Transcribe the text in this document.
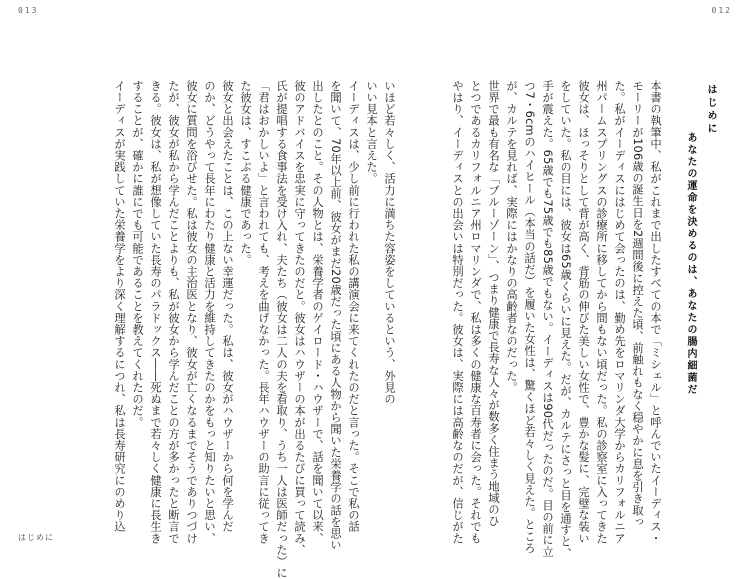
013	012
はじめに
あなたの運命を決めるのは、あなたの腸内細菌だ
本書の執筆中、私がこれまで出したすべての本で「ミシェル」と呼んでいたイーディス・
モーリーが106歳の誕生日を2週間後に控えた頃、前触れもなく穏やかに息を引き取っ
た。私がイーディスにはじめて会ったのは、勤め先をロマリンダ大学からカリフォルニア
州パームスプリングスの診療所に移してから間もない頃だった。私の診察室に入ってきた
彼女は、ほっそりとして背が高く、背筋の伸びた美しい女性で、豊かな髪に、完璧な装い
をしていた。私の目には、彼女は65歳くらいに見えた。だが、カルテにさっと目を通すと、
手が震えた。65歳でも75歳でも85歳でもない。イーディスは90代だったのだ。目の前に立
つ7・6cmのハイヒール（本当の話だ）を履いた女性は、驚くほど若々しく見えた。ところ
が、カルテを見れば、実際にはかなりの高齢者なのだった。
世界で最も有名な「ブルーゾーン」、つまり健康で長寿な人々が数多く住まう地域のひ
とつであるカリフォルニア州ロマリンダで、私は多くの健康な百寿者に会った。それでも
やはり、イーディスとの出会いは特別だった。彼女は、実際には高齢なのだが、信じがた
いほど若々しく、活力に満ちた容姿をしているという、外見の
いい見本と言えた。
イーディスは、少し前に行われた私の講演会に来てくれたのだと言った。そこで私の話
を聞いて、70年以上前、彼女がまだ20歳だった頃にある人物から聞いた栄養学の話を思い
出したとのこと。その人物とは、栄養学者のゲイロード・ハウザーで、話を聞いて以来、
彼のアドバイスを忠実に守ってきたのだと。彼女はハウザーの本が出るたびに買って読み、
氏が提唱する食事法を受け入れ、夫たち（彼女は二人の夫を看取り、うち一人は医師だった）に
「君はおかしいよ」と言われても、考えを曲げなかった。長年ハウザーの助言に従ってき
た彼女は、すこぶる健康であった。
彼女と出会えたことは、この上ない幸運だった。私は、彼女がハウザーから何を学んだ
のか、どうやって長年にわたり健康と活力を維持してきたのかをもっと知りたいと思い、
彼女に質問を浴びせた。私は彼女の主治医となり、彼女が亡くなるまでそうでありつづけ
たが、彼女が私から学んだことよりも、私が彼女から学んだことの方が多かったと断言で
きる。彼女は、私が想像していた長寿のパラドックス――死ぬまで若々しく健康に長生き
することが、確かに誰にでも可能であることを教えてくれたのだ。
イーディスが実践していた栄養学をより深く理解するにつれ、私は長寿研究にのめり込
はじめに
